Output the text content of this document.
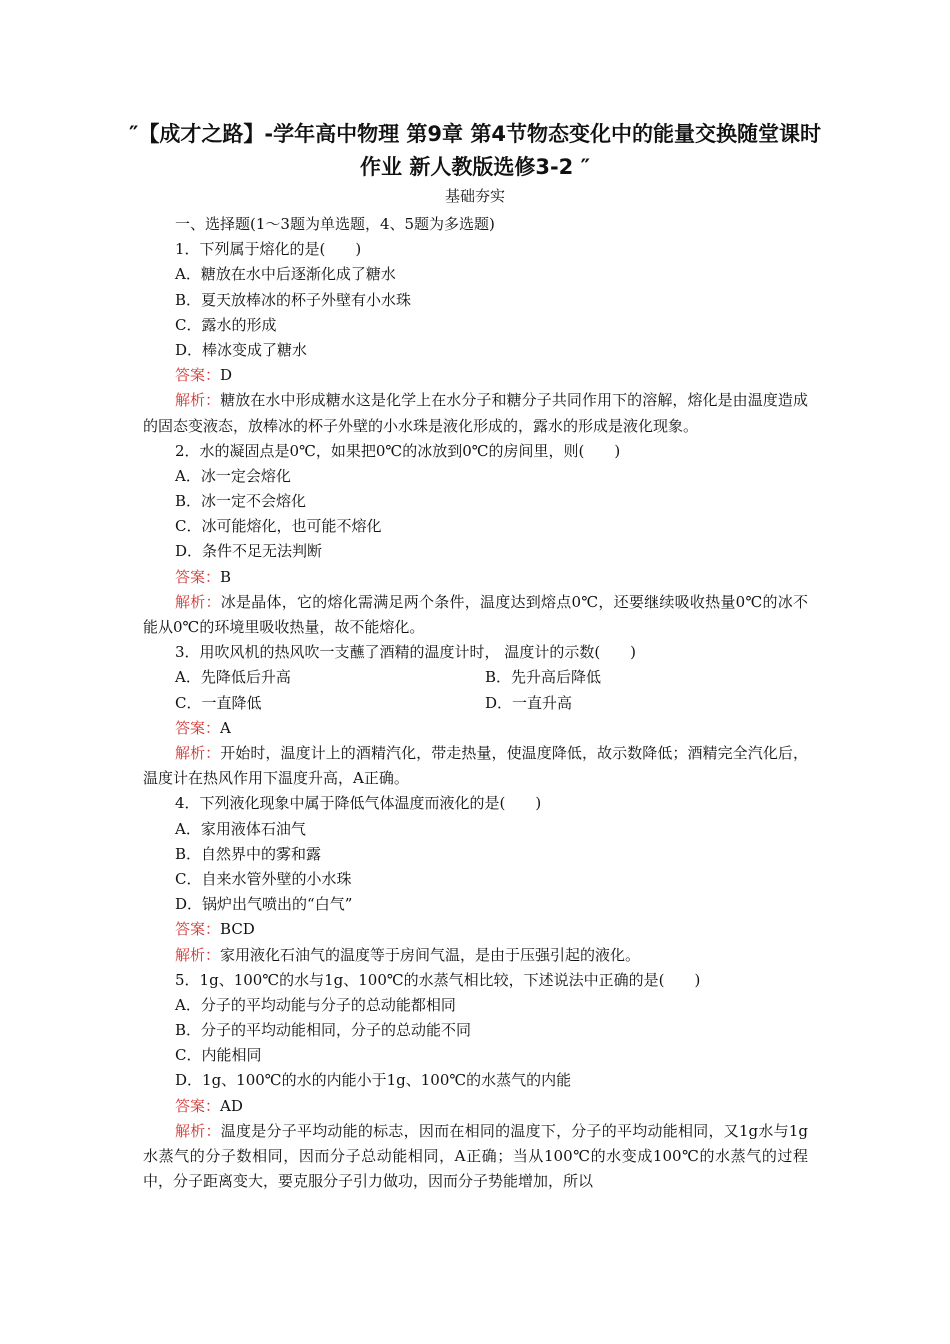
″【成才之路】-学年高中物理 第9章 第4节物态变化中的能量交换随堂课时作业 新人教版选修3-2 ″
基础夯实
一、选择题(1～3题为单选题，4、5题为多选题)
1．下列属于熔化的是(　　)
A．糖放在水中后逐渐化成了糖水
B．夏天放棒冰的杯子外壁有小水珠
C．露水的形成
D．棒冰变成了糖水
答案：D
解析：糖放在水中形成糖水这是化学上在水分子和糖分子共同作用下的溶解，熔化是由温度造成的固态变液态，放棒冰的杯子外壁的小水珠是液化形成的，露水的形成是液化现象。
2．水的凝固点是0℃，如果把0℃的冰放到0℃的房间里，则(　　)
A．冰一定会熔化
B．冰一定不会熔化
C．冰可能熔化，也可能不熔化
D．条件不足无法判断
答案：B
解析：冰是晶体，它的熔化需满足两个条件，温度达到熔点0℃，还要继续吸收热量0℃的冰不能从0℃的环境里吸收热量，故不能熔化。
3．用吹风机的热风吹一支蘸了酒精的温度计时， 温度计的示数(　　)
A．先降低后升高	B．先升高后降低
C．一直降低	D．一直升高
答案：A
解析：开始时，温度计上的酒精汽化，带走热量，使温度降低，故示数降低；酒精完全汽化后，温度计在热风作用下温度升高，A正确。
4．下列液化现象中属于降低气体温度而液化的是(　　)
A．家用液体石油气
B．自然界中的雾和露
C．自来水管外壁的小水珠
D．锅炉出气喷出的“白气”
答案：BCD
解析：家用液化石油气的温度等于房间气温，是由于压强引起的液化。
5．1g、100℃的水与1g、100℃的水蒸气相比较，下述说法中正确的是(　　)
A．分子的平均动能与分子的总动能都相同
B．分子的平均动能相同，分子的总动能不同
C．内能相同
D．1g、100℃的水的内能小于1g、100℃的水蒸气的内能
答案：AD
解析：温度是分子平均动能的标志，因而在相同的温度下，分子的平均动能相同，又1g水与1g水蒸气的分子数相同，因而分子总动能相同，A正确；当从100℃的水变成100℃的水蒸气的过程中，分子距离变大，要克服分子引力做功，因而分子势能增加，所以
